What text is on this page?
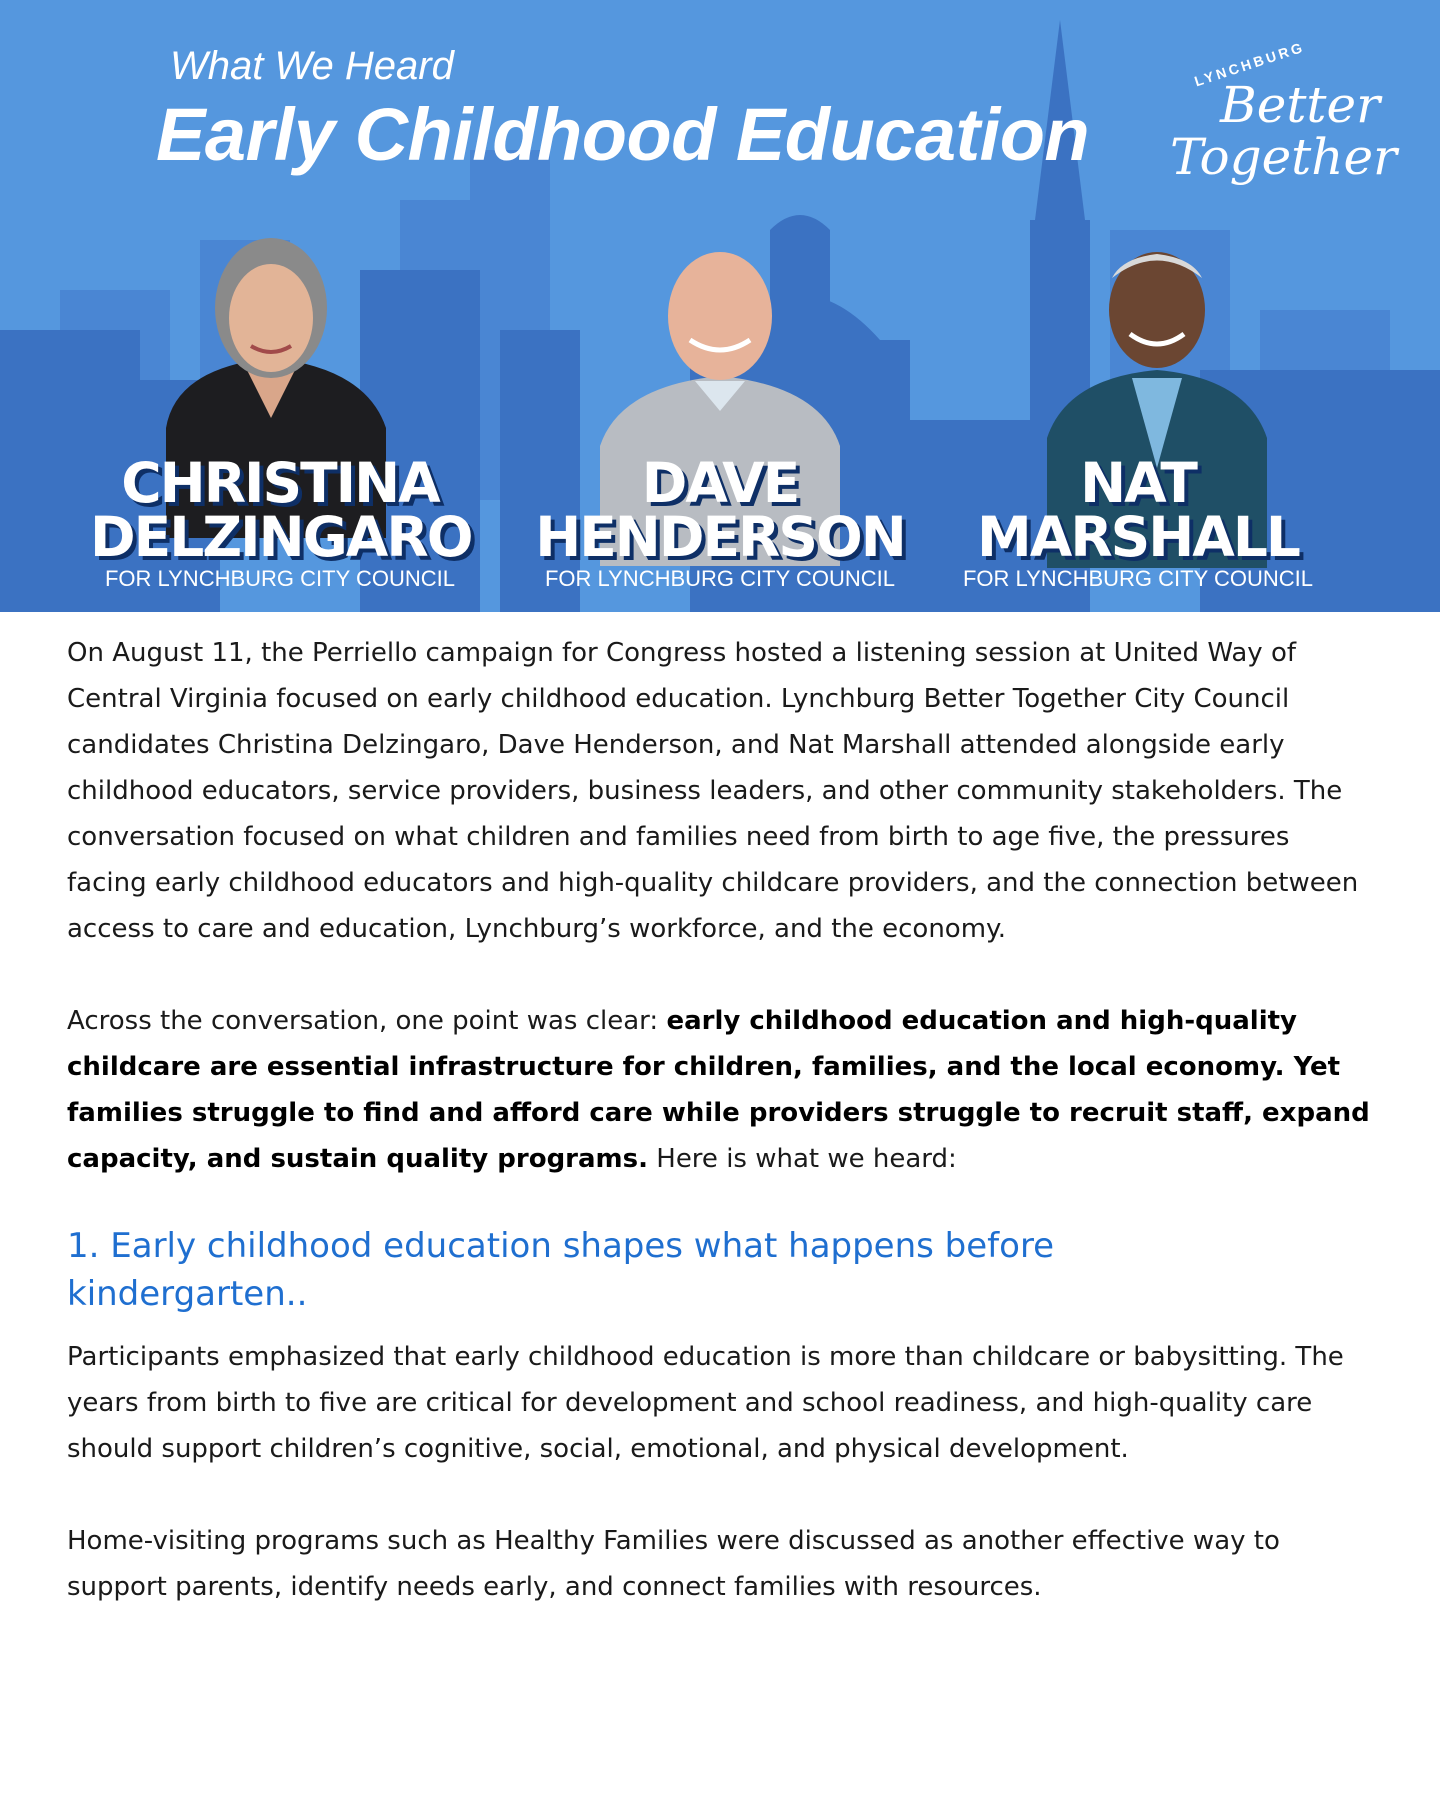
What We Heard

Early Childhood Education

LYNCHBURG

Better

Together

CHRISTINA
DELZINGARO

FOR LYNCHBURG CITY COUNCIL

DAVE
HENDERSON

FOR LYNCHBURG CITY COUNCIL

NAT
MARSHALL

FOR LYNCHBURG CITY COUNCIL

On August 11, the Perriello campaign for Congress hosted a listening session at United Way of Central Virginia focused on early childhood education. Lynchburg Better Together City Council candidates Christina Delzingaro, Dave Henderson, and Nat Marshall attended alongside early childhood educators, service providers, business leaders, and other community stakeholders. The conversation focused on what children and families need from birth to age five, the pressures facing early childhood educators and high-quality childcare providers, and the connection between access to care and education, Lynchburg’s workforce, and the economy.

Across the conversation, one point was clear: early childhood education and high-quality childcare are essential infrastructure for children, families, and the local economy. Yet families struggle to find and afford care while providers struggle to recruit staff, expand capacity, and sustain quality programs. Here is what we heard:

1. Early childhood education shapes what happens before kindergarten..

Participants emphasized that early childhood education is more than childcare or babysitting. The years from birth to five are critical for development and school readiness, and high-quality care should support children’s cognitive, social, emotional, and physical development.

Home-visiting programs such as Healthy Families were discussed as another effective way to support parents, identify needs early, and connect families with resources.
